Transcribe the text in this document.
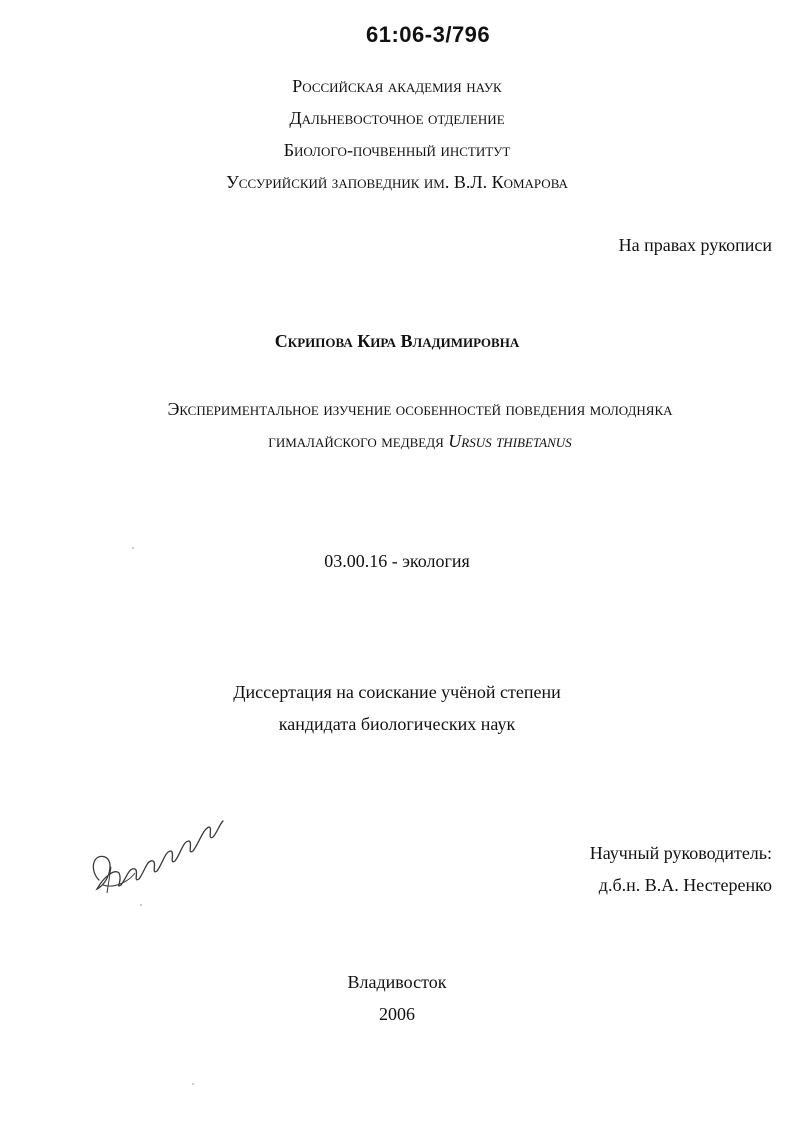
61:06-3/796
Российская академия наук
Дальневосточное отделение
Биолого-почвенный институт
Уссурийский заповедник им. В.Л. Комарова
На правах рукописи
Скрипова Кира Владимировна
Экспериментальное изучение особенностей поведения молодняка
гималайского медведя Ursus thibetanus
03.00.16 - экология
Диссертация на соискание учёной степени
кандидата биологических наук
Научный руководитель:
д.б.н. В.А. Нестеренко
Владивосток
2006
